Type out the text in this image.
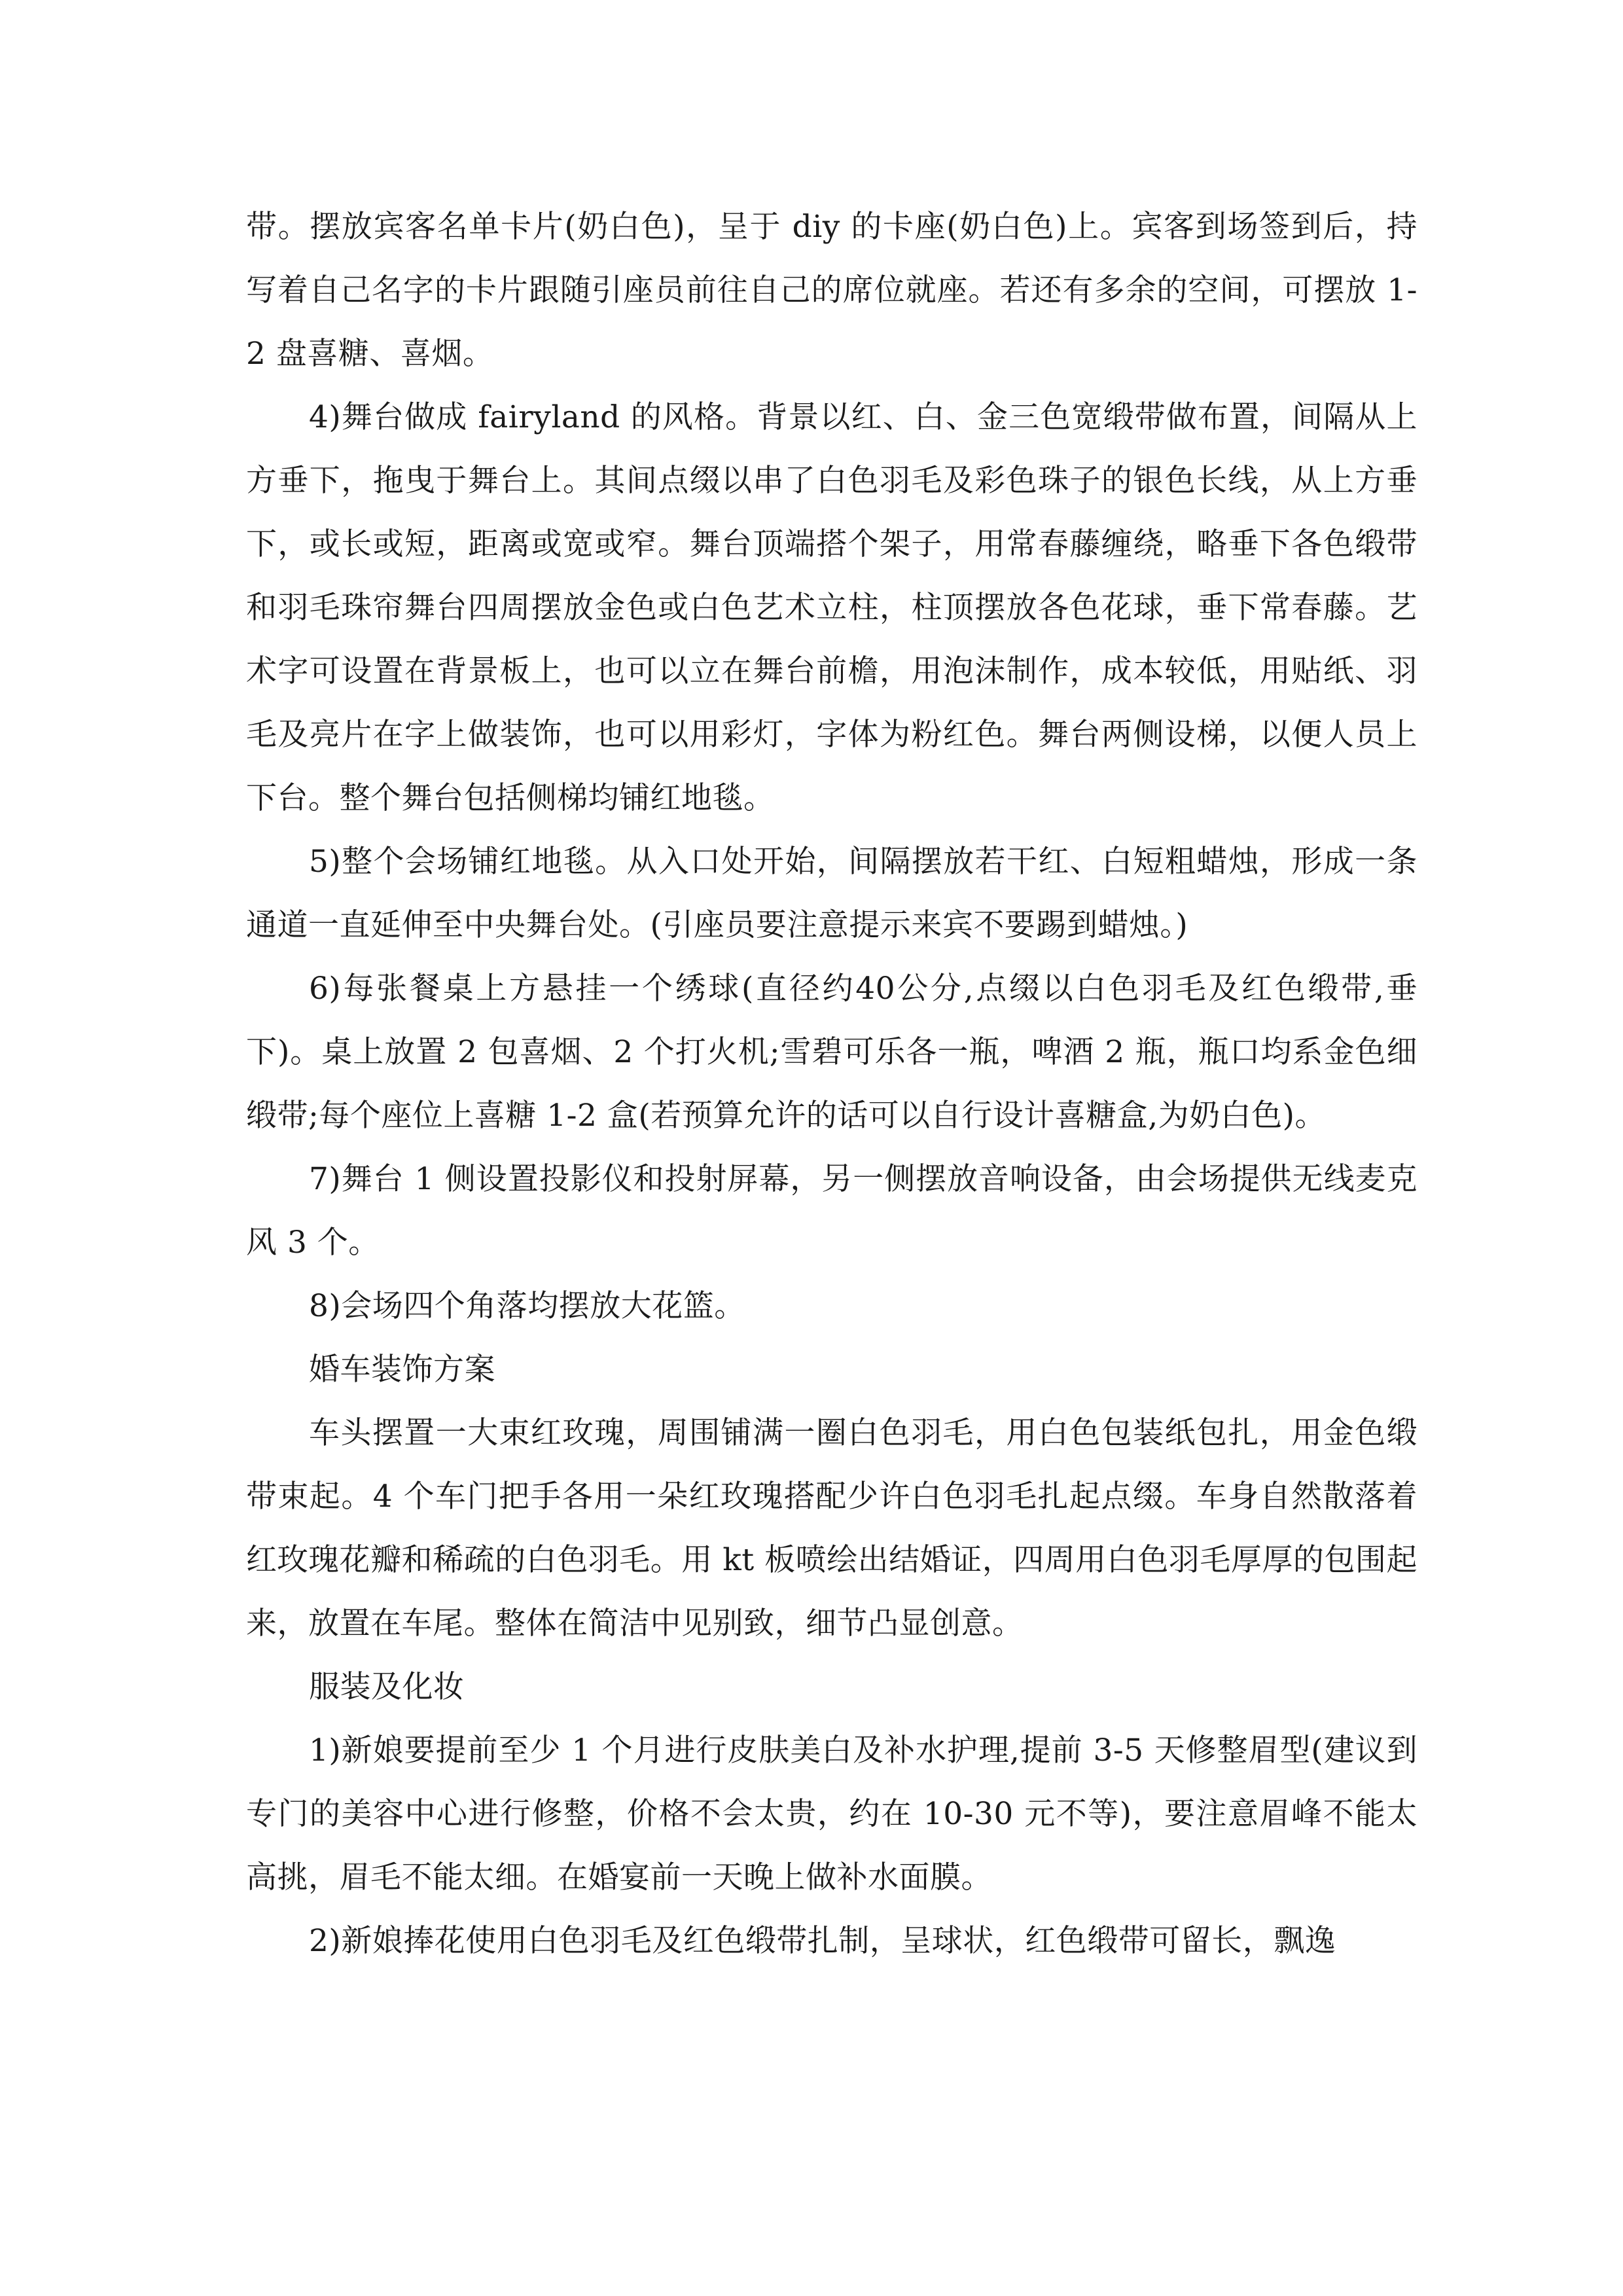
带。摆放宾客名单卡片(奶白色)，呈于 diy 的卡座(奶白色)上。宾客到场签到后，持写着自己名字的卡片跟随引座员前往自己的席位就座。若还有多余的空间，可摆放 1-2 盘喜糖、喜烟。

4)舞台做成 fairyland 的风格。背景以红、白、金三色宽缎带做布置，间隔从上方垂下，拖曳于舞台上。其间点缀以串了白色羽毛及彩色珠子的银色长线，从上方垂下，或长或短，距离或宽或窄。舞台顶端搭个架子，用常春藤缠绕，略垂下各色缎带和羽毛珠帘舞台四周摆放金色或白色艺术立柱，柱顶摆放各色花球，垂下常春藤。艺术字可设置在背景板上，也可以立在舞台前檐，用泡沫制作，成本较低，用贴纸、羽毛及亮片在字上做装饰，也可以用彩灯，字体为粉红色。舞台两侧设梯，以便人员上下台。整个舞台包括侧梯均铺红地毯。

5)整个会场铺红地毯。从入口处开始，间隔摆放若干红、白短粗蜡烛，形成一条通道一直延伸至中央舞台处。(引座员要注意提示来宾不要踢到蜡烛。)

6)每张餐桌上方悬挂一个绣球(直径约40公分,点缀以白色羽毛及红色缎带,垂下)。桌上放置 2 包喜烟、2 个打火机;雪碧可乐各一瓶，啤酒 2 瓶，瓶口均系金色细缎带;每个座位上喜糖 1-2 盒(若预算允许的话可以自行设计喜糖盒,为奶白色)。

7)舞台 1 侧设置投影仪和投射屏幕，另一侧摆放音响设备，由会场提供无线麦克风 3 个。

8)会场四个角落均摆放大花篮。

婚车装饰方案

车头摆置一大束红玫瑰，周围铺满一圈白色羽毛，用白色包装纸包扎，用金色缎带束起。4 个车门把手各用一朵红玫瑰搭配少许白色羽毛扎起点缀。车身自然散落着红玫瑰花瓣和稀疏的白色羽毛。用 kt 板喷绘出结婚证，四周用白色羽毛厚厚的包围起来，放置在车尾。整体在简洁中见别致，细节凸显创意。

服装及化妆

1)新娘要提前至少 1 个月进行皮肤美白及补水护理,提前 3-5 天修整眉型(建议到专门的美容中心进行修整，价格不会太贵，约在 10-30 元不等)，要注意眉峰不能太高挑，眉毛不能太细。在婚宴前一天晚上做补水面膜。

2)新娘捧花使用白色羽毛及红色缎带扎制，呈球状，红色缎带可留长，飘逸
